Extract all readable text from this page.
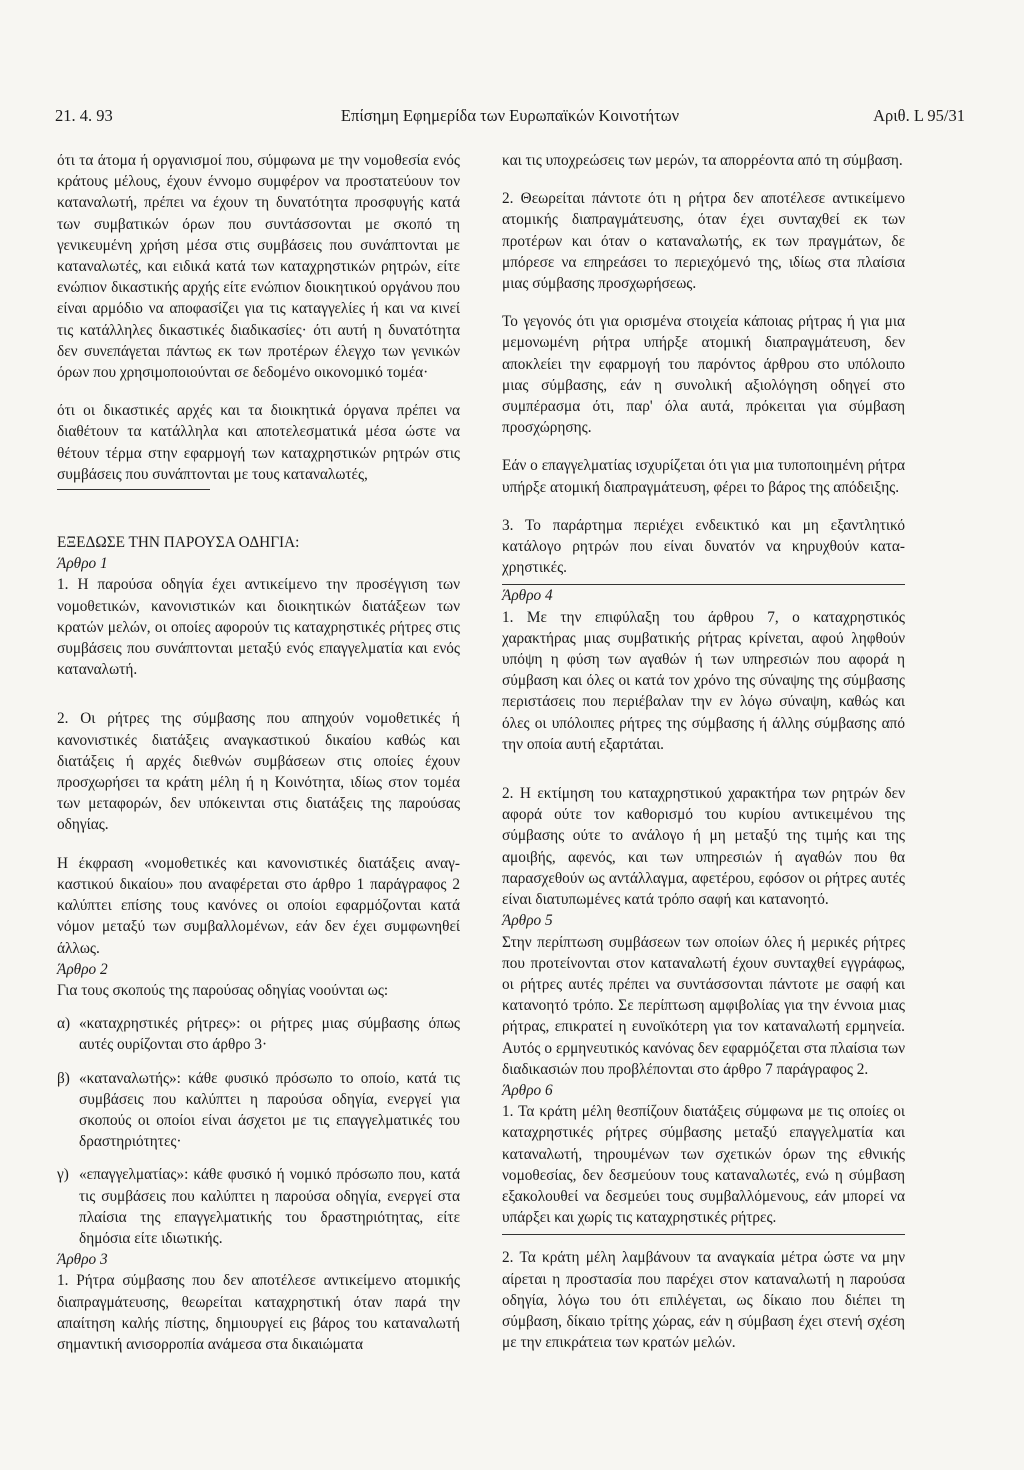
21. 4. 93	Επίσημη Εφημερίδα των Ευρωπαϊκών Κοινοτήτων	Αριθ. L 95/31

ότι τα άτομα ή οργανισμοί που, σύμφωνα με την νομοθεσία ενός κράτους μέλους, έχουν έννομο συμφέρον να προστατεύουν τον καταναλωτή, πρέπει να έχουν τη δυνατότητα προσφυγής κατά των συμβατικών όρων που συντάσσονται με σκοπό τη γενικευμένη χρήση μέσα στις συμβάσεις που συνάπτονται με καταναλωτές, και ειδικά κατά των καταχρηστικών ρητρών, είτε ενώπιον δικαστικής αρχής είτε ενώπιον διοικητικού οργάνου που είναι αρμόδιο να αποφασίζει για τις καταγγελίες ή και να κινεί τις κατάλληλες δικαστικές διαδικασίες· ότι αυτή η δυνατότητα δεν συνεπάγεται πάντως εκ των προτέρων έλεγχο των γενικών όρων που χρησιμοποιούνται σε δεδομένο οικονομικό τομέα·

ότι οι δικαστικές αρχές και τα διοικητικά όργανα πρέπει να διαθέτουν τα κατάλληλα και αποτελεσματικά μέσα ώστε να θέτουν τέρμα στην εφαρμογή των καταχρηστικών ρητρών στις συμβάσεις που συνάπτονται με τους καταναλωτές,

ΕΞΕΔΩΣΕ ΤΗΝ ΠΑΡΟΥΣΑ ΟΔΗΓΙΑ:

Άρθρο 1

1. Η παρούσα οδηγία έχει αντικείμενο την προσέγγιση των νομοθετικών, κανονιστικών και διοικητικών διατάξεων των κρατών μελών, οι οποίες αφορούν τις καταχρηστικές ρήτρες στις συμβάσεις που συνάπτονται μεταξύ ενός επαγγελματία και ενός καταναλωτή.

2. Οι ρήτρες της σύμβασης που απηχούν νομοθετικές ή κανονιστικές διατάξεις αναγκαστικού δικαίου καθώς και διατάξεις ή αρχές διεθνών συμβάσεων στις οποίες έχουν προσχωρήσει τα κράτη μέλη ή η Κοινότητα, ιδίως στον τομέα των μεταφορών, δεν υπόκεινται στις διατάξεις της παρούσας οδηγίας.

Η έκφραση «νομοθετικές και κανονιστικές διατάξεις αναγκαστικού δικαίου» που αναφέρεται στο άρθρο 1 παράγραφος 2 καλύπτει επίσης τους κανόνες οι οποίοι εφαρμόζονται κατά νόμον μεταξύ των συμβαλλομένων, εάν δεν έχει συμφωνηθεί άλλως.

Άρθρο 2

Για τους σκοπούς της παρούσας οδηγίας νοούνται ως:

α) «καταχρηστικές ρήτρες»: οι ρήτρες μιας σύμβασης όπως αυτές ουρίζονται στο άρθρο 3·

β) «καταναλωτής»: κάθε φυσικό πρόσωπο το οποίο, κατά τις συμβάσεις που καλύπτει η παρούσα οδηγία, ενεργεί για σκοπούς οι οποίοι είναι άσχετοι με τις επαγγελματικές του δραστηριότητες·

γ) «επαγγελματίας»: κάθε φυσικό ή νομικό πρόσωπο που, κατά τις συμβάσεις που καλύπτει η παρούσα οδηγία, ενεργεί στα πλαίσια της επαγγελματικής του δραστηριότητας, είτε δημόσια είτε ιδιωτικής.

Άρθρο 3

1. Ρήτρα σύμβασης που δεν αποτέλεσε αντικείμενο ατομικής διαπραγμάτευσης, θεωρείται καταχρηστική όταν παρά την απαίτηση καλής πίστης, δημιουργεί εις βάρος του καταναλωτή σημαντική ανισορροπία ανάμεσα στα δικαιώματα

και τις υποχρεώσεις των μερών, τα απορρέοντα από τη σύμβαση.

2. Θεωρείται πάντοτε ότι η ρήτρα δεν αποτέλεσε αντικείμενο ατομικής διαπραγμάτευσης, όταν έχει συνταχθεί εκ των προτέρων και όταν ο καταναλωτής, εκ των πραγμάτων, δε μπόρεσε να επηρεάσει το περιεχόμενό της, ιδίως στα πλαίσια μιας σύμβασης προσχωρήσεως.

Το γεγονός ότι για ορισμένα στοιχεία κάποιας ρήτρας ή για μια μεμονωμένη ρήτρα υπήρξε ατομική διαπραγμάτευση, δεν αποκλείει την εφαρμογή του παρόντος άρθρου στο υπόλοιπο μιας σύμβασης, εάν η συνολική αξιολόγηση οδηγεί στο συμπέρασμα ότι, παρ' όλα αυτά, πρόκειται για σύμβαση προσχώρησης.

Εάν ο επαγγελματίας ισχυρίζεται ότι για μια τυποποιημένη ρήτρα υπήρξε ατομική διαπραγμάτευση, φέρει το βάρος της απόδειξης.

3. Το παράρτημα περιέχει ενδεικτικό και μη εξαντλητικό κατάλογο ρητρών που είναι δυνατόν να κηρυχθούν καταχρηστικές.

Άρθρο 4

1. Με την επιφύλαξη του άρθρου 7, ο καταχρηστικός χαρακτήρας μιας συμβατικής ρήτρας κρίνεται, αφού ληφθούν υπόψη η φύση των αγαθών ή των υπηρεσιών που αφορά η σύμβαση και όλες οι κατά τον χρόνο της σύναψης της σύμβασης περιστάσεις που περιέβαλαν την εν λόγω σύναψη, καθώς και όλες οι υπόλοιπες ρήτρες της σύμβασης ή άλλης σύμβασης από την οποία αυτή εξαρτάται.

2. Η εκτίμηση του καταχρηστικού χαρακτήρα των ρητρών δεν αφορά ούτε τον καθορισμό του κυρίου αντικειμένου της σύμβασης ούτε το ανάλογο ή μη μεταξύ της τιμής και της αμοιβής, αφενός, και των υπηρεσιών ή αγαθών που θα παρασχεθούν ως αντάλλαγμα, αφετέρου, εφόσον οι ρήτρες αυτές είναι διατυπωμένες κατά τρόπο σαφή και κατανοητό.

Άρθρο 5

Στην περίπτωση συμβάσεων των οποίων όλες ή μερικές ρήτρες που προτείνονται στον καταναλωτή έχουν συνταχθεί εγγράφως, οι ρήτρες αυτές πρέπει να συντάσσονται πάντοτε με σαφή και κατανοητό τρόπο. Σε περίπτωση αμφιβολίας για την έννοια μιας ρήτρας, επικρατεί η ευνοϊκότερη για τον καταναλωτή ερμηνεία. Αυτός ο ερμηνευτικός κανόνας δεν εφαρμόζεται στα πλαίσια των διαδικασιών που προβλέπονται στο άρθρο 7 παράγραφος 2.

Άρθρο 6

1. Τα κράτη μέλη θεσπίζουν διατάξεις σύμφωνα με τις οποίες οι καταχρηστικές ρήτρες σύμβασης μεταξύ επαγγελματία και καταναλωτή, τηρουμένων των σχετικών όρων της εθνικής νομοθεσίας, δεν δεσμεύουν τους καταναλωτές, ενώ η σύμβαση εξακολουθεί να δεσμεύει τους συμβαλλόμενους, εάν μπορεί να υπάρξει και χωρίς τις καταχρηστικές ρήτρες.

2. Τα κράτη μέλη λαμβάνουν τα αναγκαία μέτρα ώστε να μην αίρεται η προστασία που παρέχει στον καταναλωτή η παρούσα οδηγία, λόγω του ότι επιλέγεται, ως δίκαιο που διέπει τη σύμβαση, δίκαιο τρίτης χώρας, εάν η σύμβαση έχει στενή σχέση με την επικράτεια των κρατών μελών.
